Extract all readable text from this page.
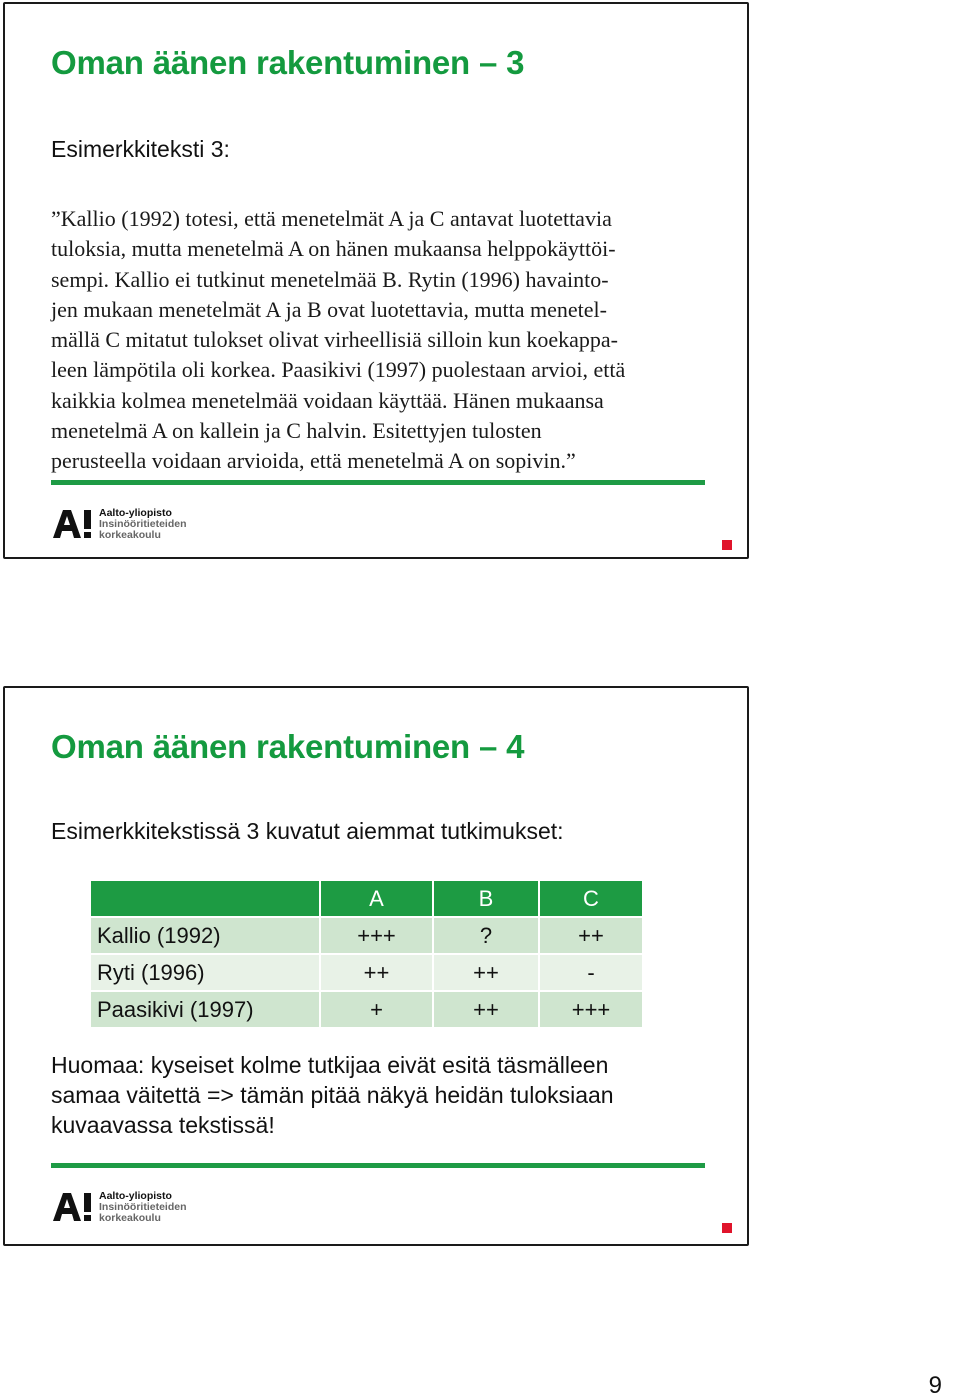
Oman äänen rakentuminen – 3
Esimerkkiteksti 3:
”Kallio (1992) totesi, että menetelmät A ja C antavat luotettavia
tuloksia, mutta menetelmä A on hänen mukaansa helppokäyttöi-
sempi. Kallio ei tutkinut menetelmää B. Rytin (1996) havainto-
jen mukaan menetelmät A ja B ovat luotettavia, mutta menetel-
mällä C mitatut tulokset olivat virheellisiä silloin kun koekappa-
leen lämpötila oli korkea. Paasikivi (1997) puolestaan arvioi, että
kaikkia kolmea menetelmää voidaan käyttää. Hänen mukaansa
menetelmä A on kallein ja C halvin. Esitettyjen tulosten
perusteella voidaan arvioida, että menetelmä A on sopivin.”
Aalto-yliopisto
Insinööritieteiden
korkeakoulu
Oman äänen rakentuminen – 4
Esimerkkitekstissä 3 kuvatut aiemmat tutkimukset:
	A	B	C
Kallio (1992)	+++	?	++
Ryti (1996)	++	++	-
Paasikivi (1997)	+	++	+++
Huomaa: kyseiset kolme tutkijaa eivät esitä täsmälleen
samaa väitettä => tämän pitää näkyä heidän tuloksiaan
kuvaavassa tekstissä!
Aalto-yliopisto
Insinööritieteiden
korkeakoulu
9
